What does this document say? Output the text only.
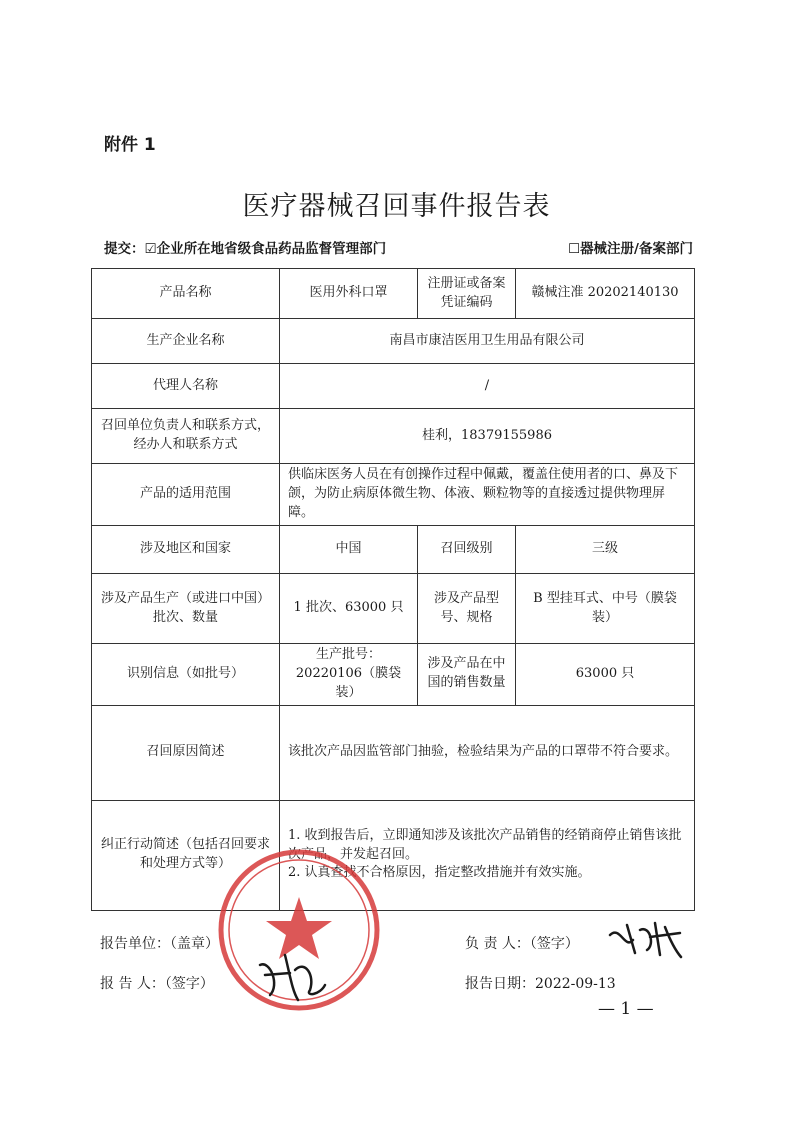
附件 1
医疗器械召回事件报告表
提交：☑企业所在地省级食品药品监督管理部门	☐器械注册/备案部门
产品名称	医用外科口罩	注册证或备案凭证编码	赣械注准 20202140130
生产企业名称	南昌市康洁医用卫生用品有限公司		
代理人名称	/		
召回单位负责人和联系方式，经办人和联系方式	桂利，18379155986		
产品的适用范围	供临床医务人员在有创操作过程中佩戴，覆盖住使用者的口、鼻及下颌，为防止病原体微生物、体液、颗粒物等的直接透过提供物理屏障。		
涉及地区和国家	中国	召回级别	三级
涉及产品生产（或进口中国）批次、数量	1 批次、63000 只	涉及产品型号、规格	B 型挂耳式、中号（膜袋装）
识别信息（如批号）	生产批号：20220106（膜袋装）	涉及产品在中国的销售数量	63000 只
召回原因简述	该批次产品因监管部门抽验，检验结果为产品的口罩带不符合要求。		
纠正行动简述（包括召回要求和处理方式等）	1. 收到报告后，立即通知涉及该批次产品销售的经销商停止销售该批次产品，并发起召回。
2. 认真查找不合格原因，指定整改措施并有效实施。		
报告单位：（盖章）
报 告 人：（签字）
负 责 人：（签字）
报告日期：2022-09-13
— 1 —
